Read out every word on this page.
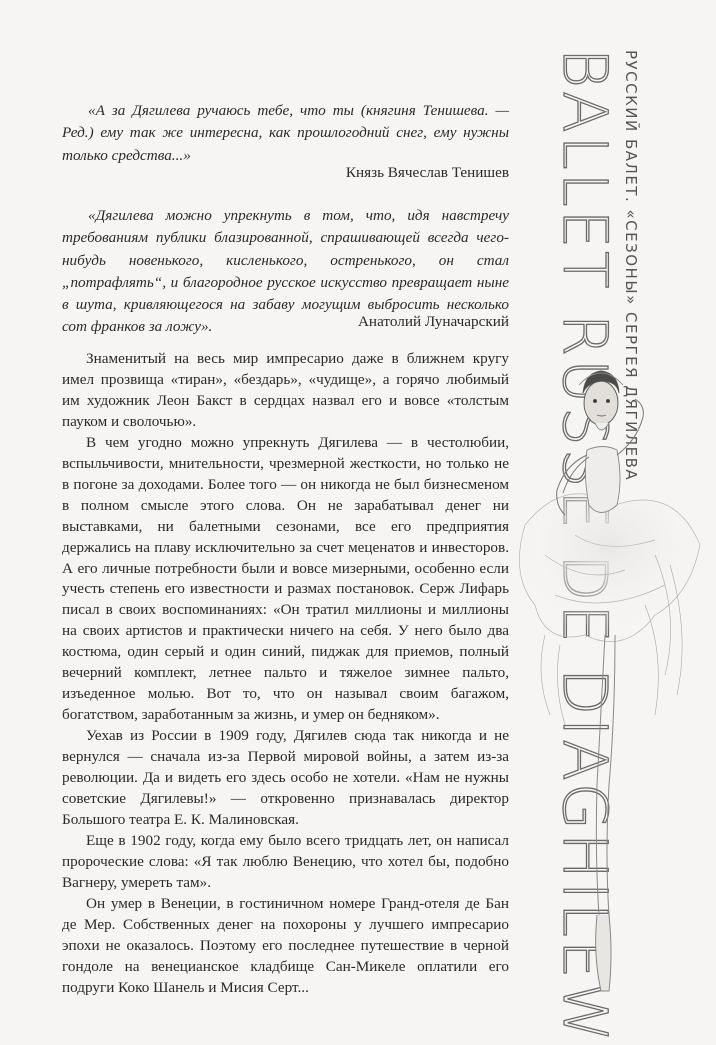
«А за Дягилева ручаюсь тебе, что ты (княгиня Тенишева. — Ред.) ему так же интересна, как прошлогодний снег, ему нужны только средства...»

Князь Вячеслав Тенишев

«Дягилева можно упрекнуть в том, что, идя навстречу требованиям публики блазированной, спрашивающей всегда чего-нибудь новенького, кисленького, остренького, он стал „потрафлять“, и благородное русское искусство превращает ныне в шута, кривляющегося на забаву могущим выбросить несколько сот франков за ложу».	Анатолий Луначарский

Знаменитый на весь мир импресарио даже в ближнем кругу имел прозвища «тиран», «бездарь», «чудище», а горячо любимый им художник Леон Бакст в сердцах назвал его и вовсе «толстым пауком и сволочью».

В чем угодно можно упрекнуть Дягилева — в честолюбии, вспыльчивости, мнительности, чрезмерной жесткости, но только не в погоне за доходами. Более того — он никогда не был бизнесменом в полном смысле этого слова. Он не зарабатывал денег ни выставками, ни балетными сезонами, все его предприятия держались на плаву исключительно за счет меценатов и инвесторов. А его личные потребности были и вовсе мизерными, особенно если учесть степень его известности и размах постановок. Серж Лифарь писал в своих воспоминаниях: «Он тратил миллионы и миллионы на своих артистов и практически ничего на себя. У него было два костюма, один серый и один синий, пиджак для приемов, полный вечерний комплект, летнее пальто и тяжелое зимнее пальто, изъеденное молью. Вот то, что он называл своим багажом, богатством, заработанным за жизнь, и умер он бедняком».

Уехав из России в 1909 году, Дягилев сюда так никогда и не вернулся — сначала из-за Первой мировой войны, а затем из-за революции. Да и видеть его здесь особо не хотели. «Нам не нужны советские Дягилевы!» — откровенно признавалась директор Большого театра Е. К. Малиновская.

Еще в 1902 году, когда ему было всего тридцать лет, он написал пророческие слова: «Я так люблю Венецию, что хотел бы, подобно Вагнеру, умереть там».

Он умер в Венеции, в гостиничном номере Гранд-отеля де Бан де Мер. Собственных денег на похороны у лучшего импресарио эпохи не оказалось. Поэтому его последнее путешествие в черной гондоле на венецианское кладбище Сан-Микеле оплатили его подруги Коко Шанель и Мисия Серт...

РУССКИЙ БАЛЕТ. «СЕЗОНЫ» СЕРГЕЯ ДЯГИЛЕВА
